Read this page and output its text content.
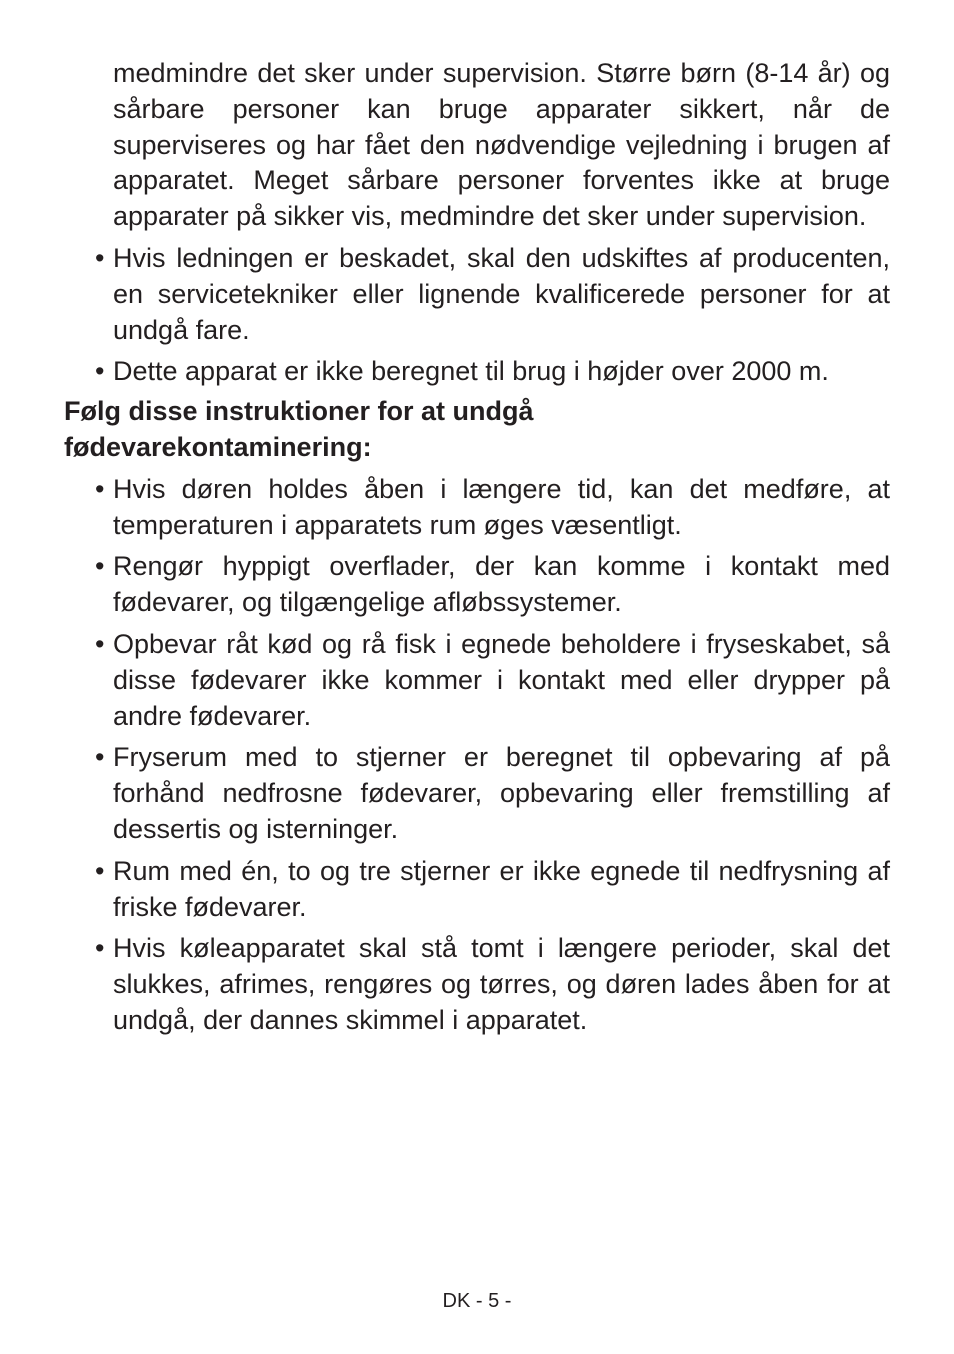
medmindre det sker under supervision. Større børn (8-14 år) og sårbare personer kan bruge apparater sikkert, når de superviseres og har fået den nødvendige vejledning i brugen af apparatet. Meget sårbare personer forventes ikke at bruge apparater på sikker vis, medmindre det sker under supervision.

• Hvis ledningen er beskadet, skal den udskiftes af producenten, en servicetekniker eller lignende kvalificerede personer for at undgå fare.
• Dette apparat er ikke beregnet til brug i højder over 2000 m.
Følg disse instruktioner for at undgå fødevarekontaminering:
• Hvis døren holdes åben i længere tid, kan det medføre, at temperaturen i apparatets rum øges væsentligt.
• Rengør hyppigt overflader, der kan komme i kontakt med fødevarer, og tilgængelige afløbssystemer.
• Opbevar råt kød og rå fisk i egnede beholdere i fryseskabet, så disse fødevarer ikke kommer i kontakt med eller drypper på andre fødevarer.
• Fryserum med to stjerner er beregnet til opbevaring af på forhånd nedfrosne fødevarer, opbevaring eller fremstilling af dessertis og isterninger.
• Rum med én, to og tre stjerner er ikke egnede til nedfrysning af friske fødevarer.
• Hvis køleapparatet skal stå tomt i længere perioder, skal det slukkes, afrimes, rengøres og tørres, og døren lades åben for at undgå, der dannes skimmel i apparatet.
DK - 5 -
